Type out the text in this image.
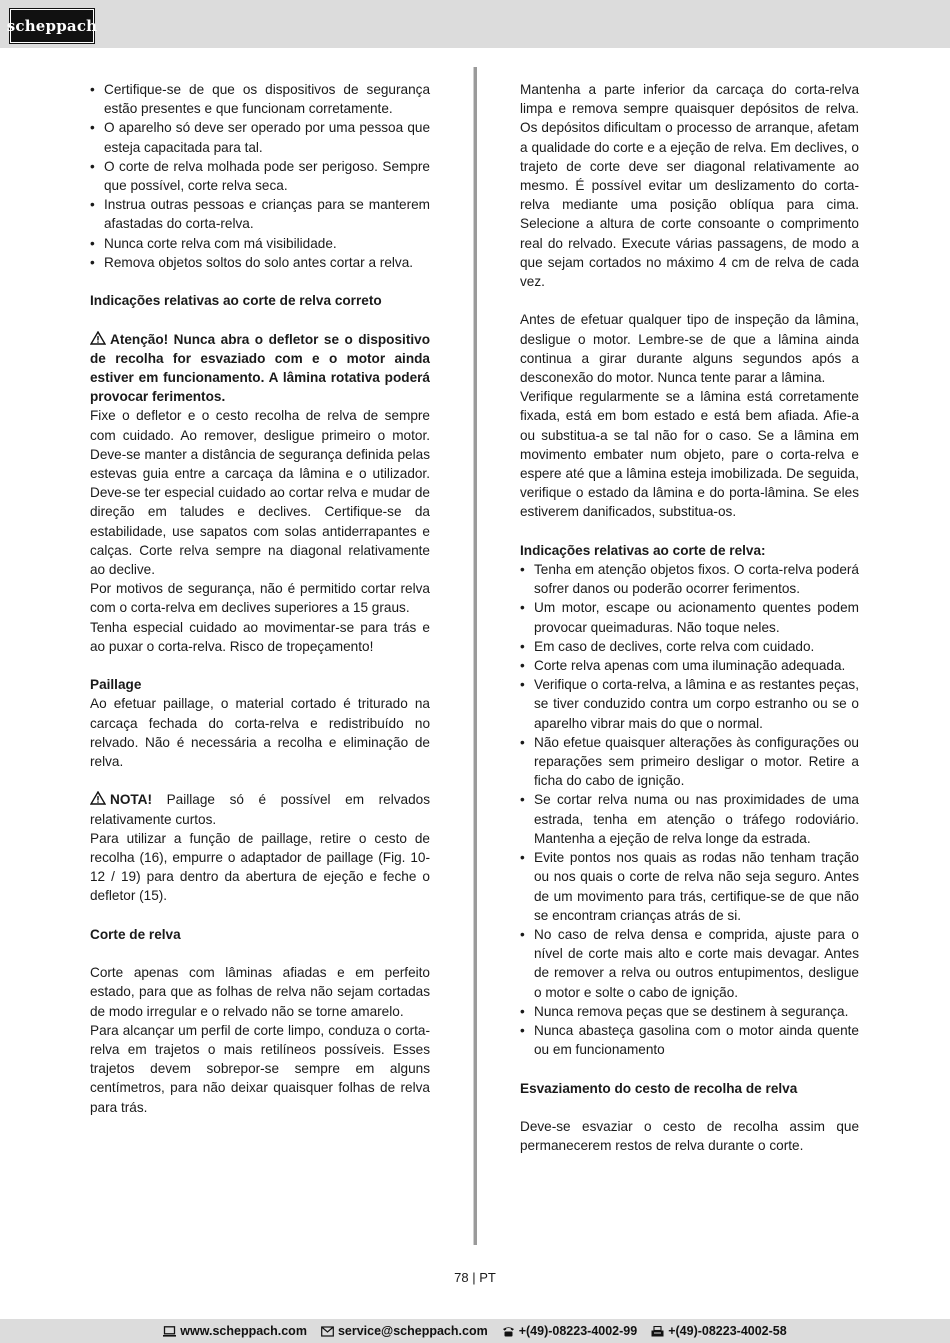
scheppach
• Certifique-se de que os dispositivos de segurança estão presentes e que funcionam corretamente.
• O aparelho só deve ser operado por uma pessoa que esteja capacitada para tal.
• O corte de relva molhada pode ser perigoso. Sempre que possível, corte relva seca.
• Instrua outras pessoas e crianças para se manterem afastadas do corta-relva.
• Nunca corte relva com má visibilidade.
• Remova objetos soltos do solo antes cortar a relva.

Indicações relativas ao corte de relva correto

Atenção! Nunca abra o defletor se o dispositivo de recolha for esvaziado com e o motor ainda estiver em funcionamento. A lâmina rotativa poderá provocar ferimentos.

Fixe o defletor e o cesto recolha de relva de sempre com cuidado. Ao remover, desligue primeiro o motor. Deve-se manter a distância de segurança definida pelas estevas guia entre a carcaça da lâmina e o utilizador. Deve-se ter especial cuidado ao cortar relva e mudar de direção em taludes e declives. Certifique-se da estabilidade, use sapatos com solas antiderrapantes e calças. Corte relva sempre na diagonal relativamente ao declive.

Por motivos de segurança, não é permitido cortar relva com o corta-relva em declives superiores a 15 graus.

Tenha especial cuidado ao movimentar-se para trás e ao puxar o corta-relva. Risco de tropeçamento!

Paillage

Ao efetuar paillage, o material cortado é triturado na carcaça fechada do corta-relva e redistribuído no relvado. Não é necessária a recolha e eliminação de relva.

NOTA! Paillage só é possível em relvados relativamente curtos.

Para utilizar a função de paillage, retire o cesto de recolha (16), empurre o adaptador de paillage (Fig. 10-12 / 19) para dentro da abertura de ejeção e feche o defletor (15).

Corte de relva

Corte apenas com lâminas afiadas e em perfeito estado, para que as folhas de relva não sejam cortadas de modo irregular e o relvado não se torne amarelo.

Para alcançar um perfil de corte limpo, conduza o corta-relva em trajetos o mais retilíneos possíveis. Esses trajetos devem sobrepor-se sempre em alguns centímetros, para não deixar quaisquer folhas de relva para trás.

Mantenha a parte inferior da carcaça do corta-relva limpa e remova sempre quaisquer depósitos de relva. Os depósitos dificultam o processo de arranque, afetam a qualidade do corte e a ejeção de relva. Em declives, o trajeto de corte deve ser diagonal relativamente ao mesmo. É possível evitar um deslizamento do corta-relva mediante uma posição oblíqua para cima. Selecione a altura de corte consoante o comprimento real do relvado. Execute várias passagens, de modo a que sejam cortados no máximo 4 cm de relva de cada vez.

Antes de efetuar qualquer tipo de inspeção da lâmina, desligue o motor. Lembre-se de que a lâmina ainda continua a girar durante alguns segundos após a desconexão do motor. Nunca tente parar a lâmina.

Verifique regularmente se a lâmina está corretamente fixada, está em bom estado e está bem afiada. Afie-a ou substitua-a se tal não for o caso. Se a lâmina em movimento embater num objeto, pare o corta-relva e espere até que a lâmina esteja imobilizada. De seguida, verifique o estado da lâmina e do porta-lâmina. Se eles estiverem danificados, substitua-os.

Indicações relativas ao corte de relva:

• Tenha em atenção objetos fixos. O corta-relva poderá sofrer danos ou poderão ocorrer ferimentos.
• Um motor, escape ou acionamento quentes podem provocar queimaduras. Não toque neles.
• Em caso de declives, corte relva com cuidado.
• Corte relva apenas com uma iluminação adequada.
• Verifique o corta-relva, a lâmina e as restantes peças, se tiver conduzido contra um corpo estranho ou se o aparelho vibrar mais do que o normal.
• Não efetue quaisquer alterações às configurações ou reparações sem primeiro desligar o motor. Retire a ficha do cabo de ignição.
• Se cortar relva numa ou nas proximidades de uma estrada, tenha em atenção o tráfego rodoviário. Mantenha a ejeção de relva longe da estrada.
• Evite pontos nos quais as rodas não tenham tração ou nos quais o corte de relva não seja seguro. Antes de um movimento para trás, certifique-se de que não se encontram crianças atrás de si.
• No caso de relva densa e comprida, ajuste para o nível de corte mais alto e corte mais devagar. Antes de remover a relva ou outros entupimentos, desligue o motor e solte o cabo de ignição.
• Nunca remova peças que se destinem à segurança.
• Nunca abasteça gasolina com o motor ainda quente ou em funcionamento

Esvaziamento do cesto de recolha de relva

Deve-se esvaziar o cesto de recolha assim que permanecerem restos de relva durante o corte.

78 | PT
www.scheppach.com service@scheppach.com +(49)-08223-4002-99 +(49)-08223-4002-58
